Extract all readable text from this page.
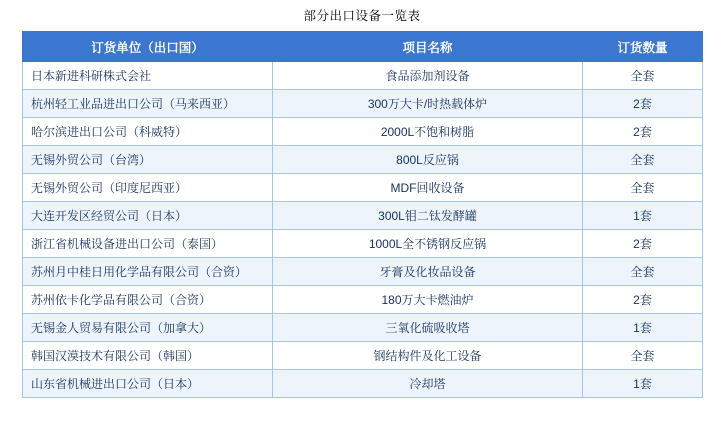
部分出口设备一览表
订货单位（出口国）	项目名称	订货数量
日本新进科研株式会社	食品添加剂设备	全套
杭州轻工业品进出口公司（马来西亚）	300万大卡/时热载体炉	2套
哈尔滨进出口公司（科威特）	2000L不饱和树脂	2套
无锡外贸公司（台湾）	800L反应锅	全套
无锡外贸公司（印度尼西亚）	MDF回收设备	全套
大连开发区经贸公司（日本）	300L钼二钛发酵罐	1套
浙江省机械设备进出口公司（泰国）	1000L全不锈钢反应锅	2套
苏州月中桂日用化学品有限公司（合资）	牙膏及化妆品设备	全套
苏州依卡化学品有限公司（合资）	180万大卡燃油炉	2套
无锡金人贸易有限公司（加拿大）	三氧化硫吸收塔	1套
韩国汉漠技术有限公司（韩国）	钢结构件及化工设备	全套
山东省机械进出口公司（日本）	冷却塔	1套
